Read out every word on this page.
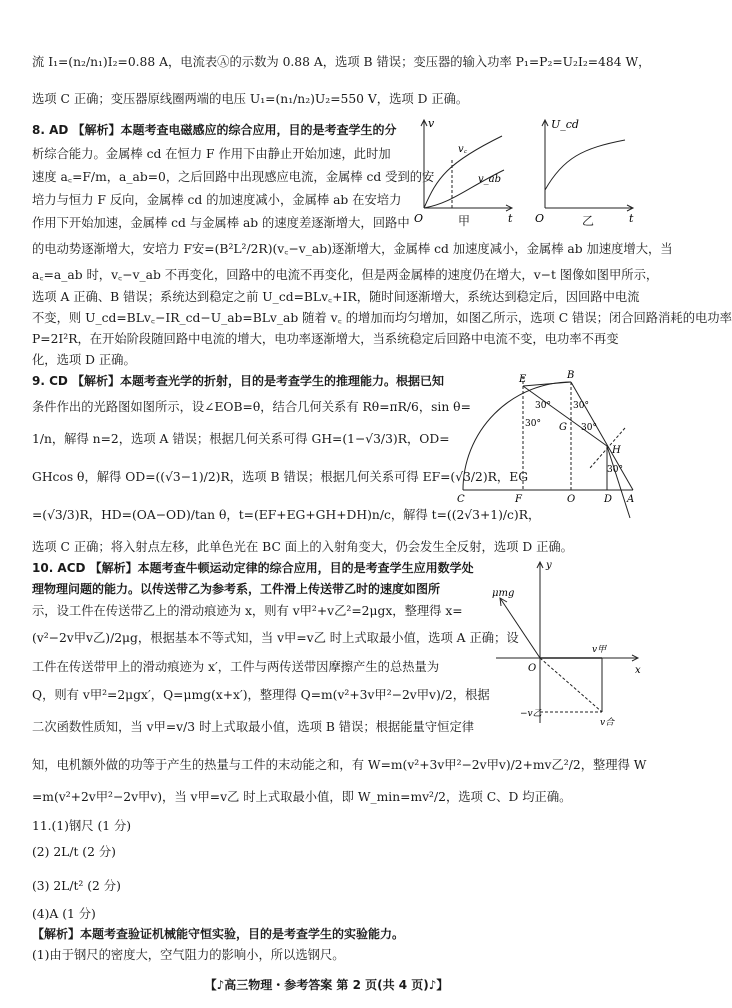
流 I₁=(n₂/n₁)I₂=0.88 A，电流表Ⓐ的示数为 0.88 A，选项 B 错误；变压器的输入功率 P₁=P₂=U₂I₂=484 W，
选项 C 正确；变压器原线圈两端的电压 U₁=(n₁/n₂)U₂=550 V，选项 D 正确。
8. AD 【解析】本题考查电磁感应的综合应用，目的是考查学生的分
析综合能力。金属棒 cd 在恒力 F 作用下由静止开始加速，此时加
速度 a꜀=F/m，a_ab=0，之后回路中出现感应电流，金属棒 cd 受到的安
培力与恒力 F 反向，金属棒 cd 的加速度减小，金属棒 ab 在安培力
作用下开始加速，金属棒 cd 与金属棒 ab 的速度差逐渐增大，回路中
的电动势逐渐增大，安培力 F安=(B²L²/2R)(v꜀−v_ab)逐渐增大，金属棒 cd 加速度减小，金属棒 ab 加速度增大，当
a꜀=a_ab 时，v꜀−v_ab 不再变化，回路中的电流不再变化，但是两金属棒的速度仍在增大，v−t 图像如图甲所示，
选项 A 正确、B 错误；系统达到稳定之前 U_cd=BLv꜀+IR，随时间逐渐增大，系统达到稳定后，因回路中电流
不变，则 U_cd=BLv꜀−IR_cd−U_ab=BLv_ab 随着 v꜀ 的增加而均匀增加，如图乙所示，选项 C 错误；闭合回路消耗的电功率
P=2I²R，在开始阶段随回路中电流的增大，电功率逐渐增大，当系统稳定后回路中电流不变，电功率不再变
化，选项 D 正确。
9. CD 【解析】本题考查光学的折射，目的是考查学生的推理能力。根据已知
条件作出的光路图如图所示，设∠EOB=θ，结合几何关系有 Rθ=πR/6，sin θ=
1/n，解得 n=2，选项 A 错误；根据几何关系可得 GH=(1−√3/3)R，OD=
GHcos θ，解得 OD=((√3−1)/2)R，选项 B 错误；根据几何关系可得 EF=(√3/2)R，EG
=(√3/3)R，HD=(OA−OD)/tan θ，t=(EF+EG+GH+DH)n/c，解得 t=((2√3+1)/c)R，
选项 C 正确；将入射点左移，此单色光在 BC 面上的入射角变大，仍会发生全反射，选项 D 正确。
10. ACD 【解析】本题考查牛顿运动定律的综合应用，目的是考查学生应用数学处
理物理问题的能力。以传送带乙为参考系，工件滑上传送带乙时的速度如图所
示，设工件在传送带乙上的滑动痕迹为 x，则有 v甲²+v乙²=2μgx，整理得 x=
(v²−2v甲v乙)/2μg，根据基本不等式知，当 v甲=v乙 时上式取最小值，选项 A 正确；设
工件在传送带甲上的滑动痕迹为 x′，工件与两传送带因摩擦产生的总热量为
Q，则有 v甲²=2μgx′，Q=μmg(x+x′)，整理得 Q=m(v²+3v甲²−2v甲v)/2，根据
二次函数性质知，当 v甲=v/3 时上式取最小值，选项 B 错误；根据能量守恒定律
知，电机额外做的功等于产生的热量与工件的末动能之和，有 W=m(v²+3v甲²−2v甲v)/2+mv乙²/2，整理得 W
=m(v²+2v甲²−2v甲v)，当 v甲=v乙 时上式取最小值，即 W_min=mv²/2，选项 C、D 均正确。
11.(1)钢尺 (1 分)
(2) 2L/t (2 分)
(3) 2L/t² (2 分)
(4)A (1 分)
【解析】本题考查验证机械能守恒实验，目的是考查学生的实验能力。
(1)由于钢尺的密度大，空气阻力的影响小，所以选钢尺。
v
t
O
v꜀
v_ab
甲
U_cd
t
O	乙
E	B
G
H
C	F	O	D A
30°
30°
30°
30°
30°
y
x
O
μmg
v甲
−v乙
v合
【♪高三物理・参考答案 第 2 页(共 4 页)♪】
